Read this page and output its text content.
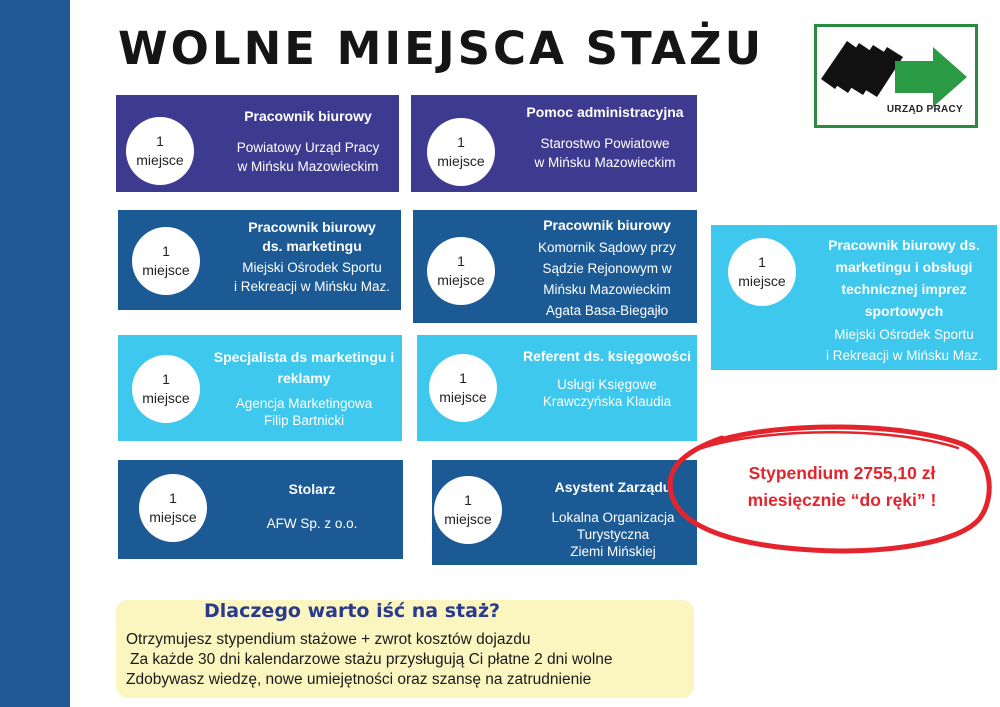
WOLNE MIEJSCA STAŻU
URZĄD PRACY
1
miejsce
Pracownik biurowy
Powiatowy Urząd Pracy
w Mińsku Mazowieckim
1
miejsce
Pomoc administracyjna
Starostwo Powiatowe
w Mińsku Mazowieckim
1
miejsce
Pracownik biurowy
ds. marketingu
Miejski Ośrodek Sportu
i Rekreacji w Mińsku Maz.
1
miejsce
Pracownik biurowy
Komornik Sądowy przy
Sądzie Rejonowym w
Mińsku Mazowieckim
Agata Basa-Biegajło
1
miejsce
Pracownik biurowy ds.
marketingu i obsługi
technicznej imprez
sportowych
Miejski Ośrodek Sportu
i Rekreacji w Mińsku Maz.
1
miejsce
Specjalista ds marketingu i
reklamy
Agencja Marketingowa
Filip Bartnicki
1
miejsce
Referent ds. księgowości
Usługi Księgowe
Krawczyńska Klaudia
1
miejsce
Stolarz
AFW Sp. z o.o.
1
miejsce
Asystent Zarządu
Lokalna Organizacja
Turystyczna
Ziemi Mińskiej
Stypendium 2755,10 zł
miesięcznie “do ręki” !
Dlaczego warto iść na staż?
Otrzymujesz stypendium stażowe + zwrot kosztów dojazdu
Za każde 30 dni kalendarzowe stażu przysługują Ci płatne 2 dni wolne
Zdobywasz wiedzę, nowe umiejętności oraz szansę na zatrudnienie
